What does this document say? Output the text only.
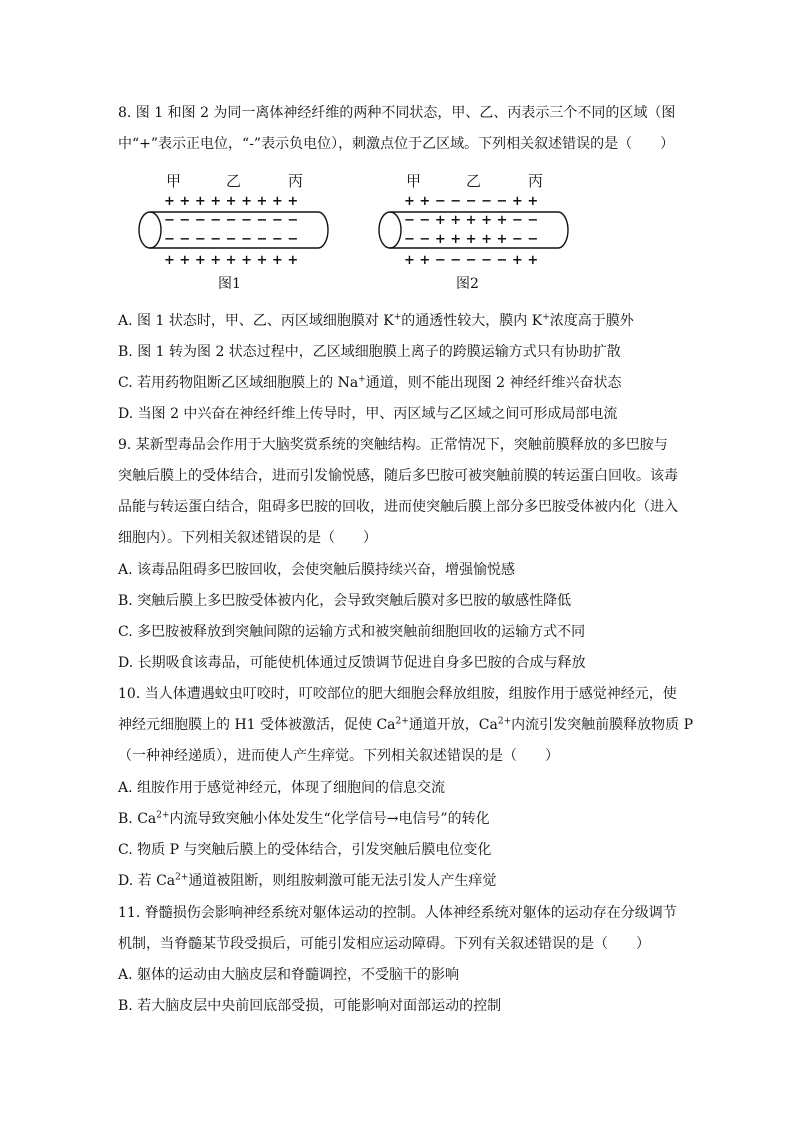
8. 图 1 和图 2 为同一离体神经纤维的两种不同状态，甲、乙、丙表示三个不同的区域（图
中“+”表示正电位，“-”表示负电位），刺激点位于乙区域。下列相关叙述错误的是（　　）
甲	乙	丙
+ + + + + + + + +
− − − − − − − − −
− − − − − − − − −
+ + + + + + + + +
图1
甲	乙	丙
+ + − − − − − + +
− − + + + + + − −
− − + + + + + − −
+ + − − − − − + +
图2
A. 图 1 状态时，甲、乙、丙区域细胞膜对 K+的通透性较大，膜内 K+浓度高于膜外
B. 图 1 转为图 2 状态过程中，乙区域细胞膜上离子的跨膜运输方式只有协助扩散
C. 若用药物阻断乙区域细胞膜上的 Na+通道，则不能出现图 2 神经纤维兴奋状态
D. 当图 2 中兴奋在神经纤维上传导时，甲、丙区域与乙区域之间可形成局部电流
9. 某新型毒品会作用于大脑奖赏系统的突触结构。正常情况下，突触前膜释放的多巴胺与
突触后膜上的受体结合，进而引发愉悦感，随后多巴胺可被突触前膜的转运蛋白回收。该毒
品能与转运蛋白结合，阻碍多巴胺的回收，进而使突触后膜上部分多巴胺受体被内化（进入
细胞内）。下列相关叙述错误的是（　　）
A. 该毒品阻碍多巴胺回收，会使突触后膜持续兴奋，增强愉悦感
B. 突触后膜上多巴胺受体被内化，会导致突触后膜对多巴胺的敏感性降低
C. 多巴胺被释放到突触间隙的运输方式和被突触前细胞回收的运输方式不同
D. 长期吸食该毒品，可能使机体通过反馈调节促进自身多巴胺的合成与释放
10. 当人体遭遇蚊虫叮咬时，叮咬部位的肥大细胞会释放组胺，组胺作用于感觉神经元，使
神经元细胞膜上的 H1 受体被激活，促使 $Ca^{2+}$通道开放，$Ca^{2+}$内流引发突触前膜释放物质 P
（一种神经递质），进而使人产生痒觉。下列相关叙述错误的是（　　）
A. 组胺作用于感觉神经元，体现了细胞间的信息交流
B. $Ca^{2+}$内流导致突触小体处发生“化学信号→电信号”的转化
C. 物质 P 与突触后膜上的受体结合，引发突触后膜电位变化
D. 若 $Ca^{2+}$通道被阻断，则组胺刺激可能无法引发人产生痒觉
11. 脊髓损伤会影响神经系统对躯体运动的控制。人体神经系统对躯体的运动存在分级调节
机制，当脊髓某节段受损后，可能引发相应运动障碍。下列有关叙述错误的是（　　）
A. 躯体的运动由大脑皮层和脊髓调控，不受脑干的影响
B. 若大脑皮层中央前回底部受损，可能影响对面部运动的控制
